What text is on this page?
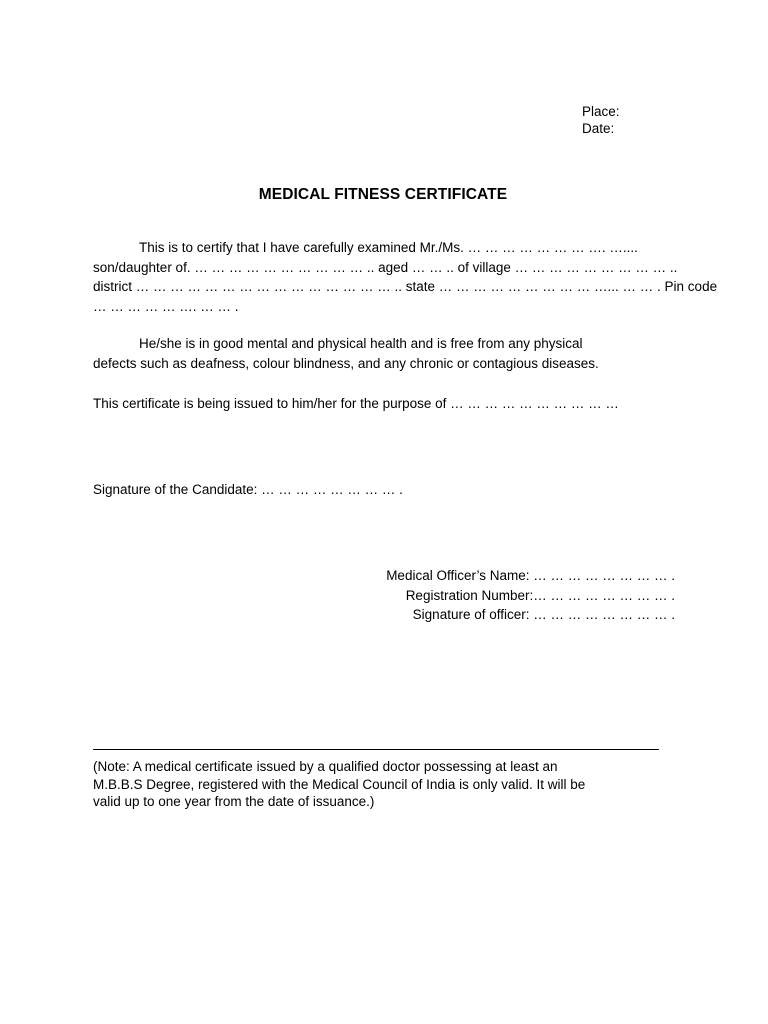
Place:
Date:
MEDICAL FITNESS CERTIFICATE
This is to certify that I have carefully examined Mr./Ms. … … … … … … … …. …....
son/daughter of. … … … … … … … … … … .. aged … … .. of village … … … … … … … … … ..
district … … … … … … … … … … … … … … … .. state … … … … … … … … … …... … … . Pin code
… … … … … …. … … .
He/she is in good mental and physical health and is free from any physical
defects such as deafness, colour blindness, and any chronic or contagious diseases.
This certificate is being issued to him/her for the purpose of … … … … … … … … … …
Signature of the Candidate: … … … … … … … … .
Medical Officer’s Name: … … … … … … … … .
Registration Number:… … … … … … … … .
Signature of officer: … … … … … … … … .
(Note: A medical certificate issued by a qualified doctor possessing at least an
M.B.B.S Degree, registered with the Medical Council of India is only valid. It will be
valid up to one year from the date of issuance.)
